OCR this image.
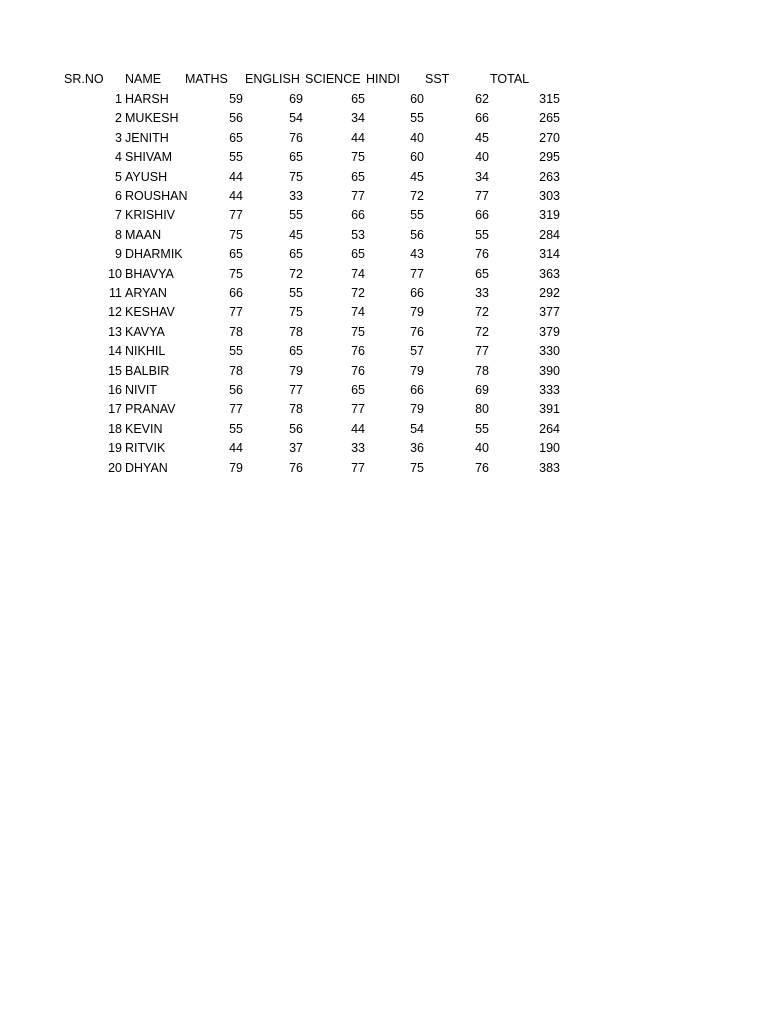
SR.NO NAME MATHS ENGLISH SCIENCE HINDI SST	TOTAL
1 HARSH	59	69	65	60	62	315
2 MUKESH	56	54	34	55	66	265
3 JENITH	65	76	44	40	45	270
4 SHIVAM	55	65	75	60	40	295
5 AYUSH	44	75	65	45	34	263
6 ROUSHAN	44	33	77	72	77	303
7 KRISHIV	77	55	66	55	66	319
8 MAAN	75	45	53	56	55	284
9 DHARMIK	65	65	65	43	76	314
10 BHAVYA	75	72	74	77	65	363
11 ARYAN	66	55	72	66	33	292
12 KESHAV	77	75	74	79	72	377
13 KAVYA	78	78	75	76	72	379
14 NIKHIL	55	65	76	57	77	330
15 BALBIR	78	79	76	79	78	390
16 NIVIT	56	77	65	66	69	333
17 PRANAV	77	78	77	79	80	391
18 KEVIN	55	56	44	54	55	264
19 RITVIK	44	37	33	36	40	190
20 DHYAN	79	76	77	75	76	383
